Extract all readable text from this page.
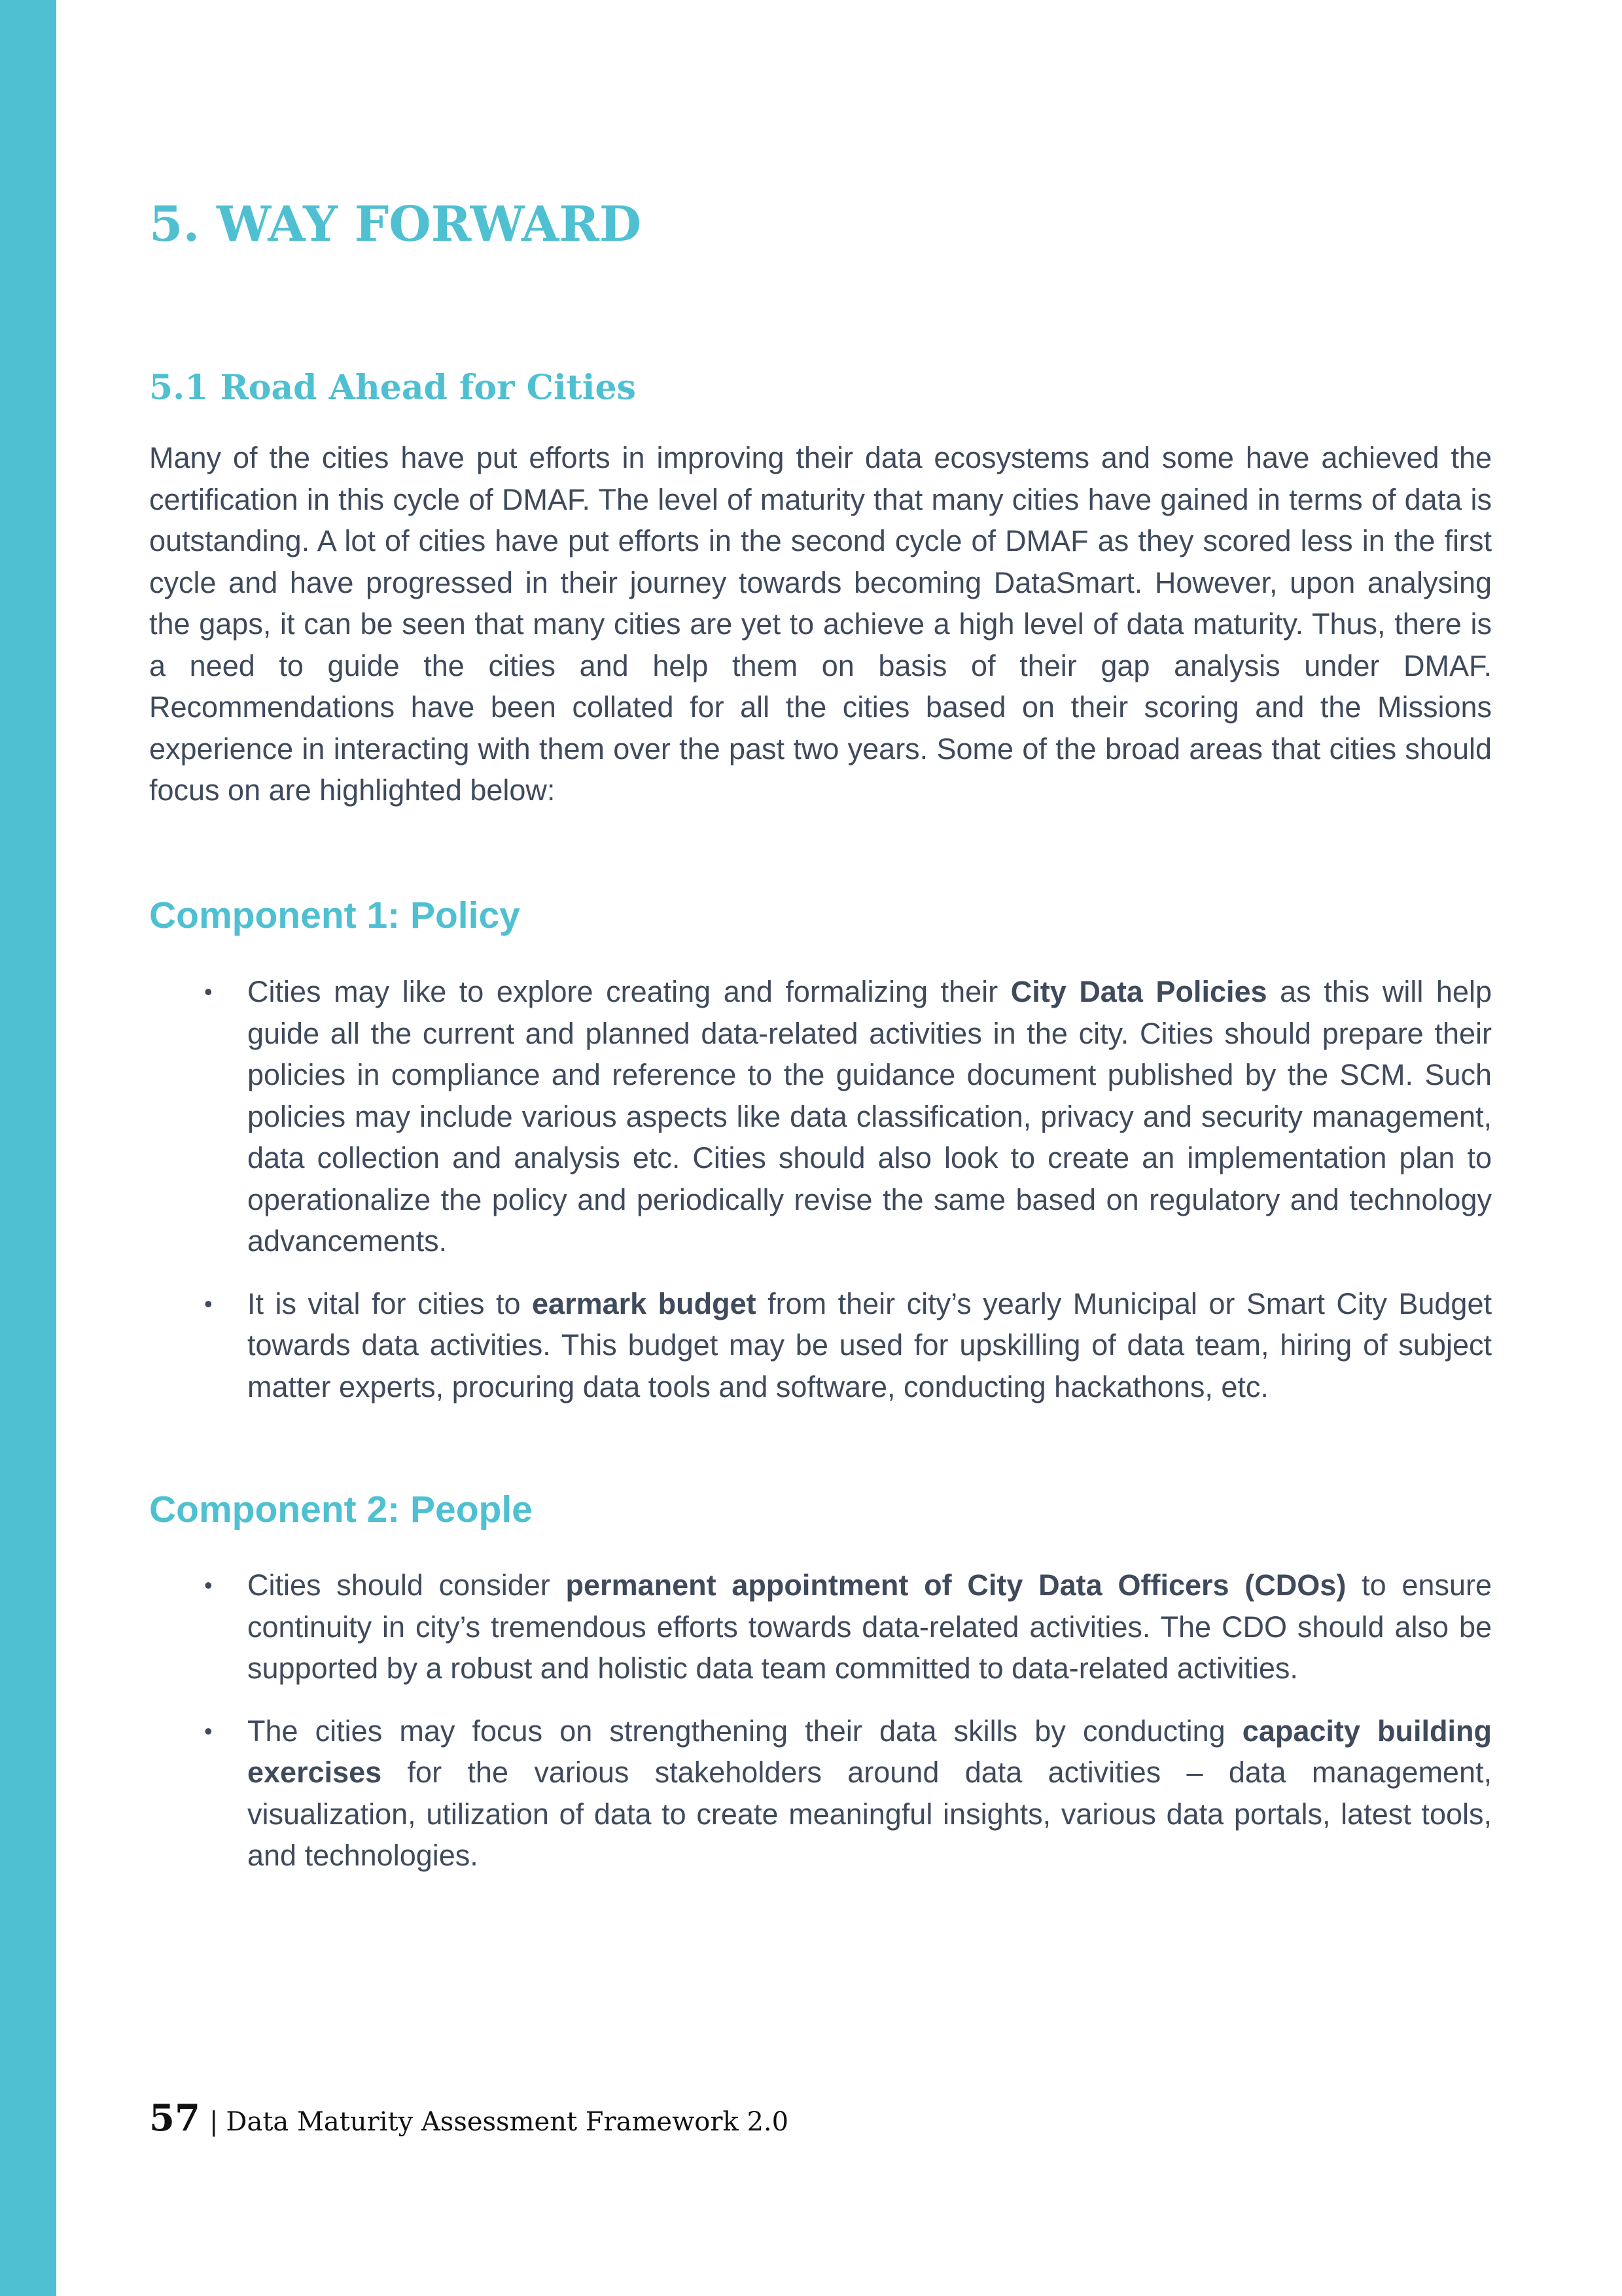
5. WAY FORWARD
5.1 Road Ahead for Cities

Many of the cities have put efforts in improving their data ecosystems and some have achieved the certification in this cycle of DMAF. The level of maturity that many cities have gained in terms of data is outstanding. A lot of cities have put efforts in the second cycle of DMAF as they scored less in the first cycle and have progressed in their journey towards becoming DataSmart. However, upon analysing the gaps, it can be seen that many cities are yet to achieve a high level of data maturity. Thus, there is a need to guide the cities and help them on basis of their gap analysis under DMAF. Recommendations have been collated for all the cities based on their scoring and the Missions experience in interacting with them over the past two years. Some of the broad areas that cities should focus on are highlighted below:

Component 1: Policy
• Cities may like to explore creating and formalizing their City Data Policies as this will help guide all the current and planned data-related activities in the city. Cities should prepare their policies in compliance and reference to the guidance document published by the SCM. Such policies may include various aspects like data classification, privacy and security management, data collection and analysis etc. Cities should also look to create an implementation plan to operationalize the policy and periodically revise the same based on regulatory and technology advancements.
• It is vital for cities to earmark budget from their city’s yearly Municipal or Smart City Budget towards data activities. This budget may be used for upskilling of data team, hiring of subject matter experts, procuring data tools and software, conducting hackathons, etc.
Component 2: People
• Cities should consider permanent appointment of City Data Officers (CDOs) to ensure continuity in city’s tremendous efforts towards data-related activities. The CDO should also be supported by a robust and holistic data team committed to data-related activities.
• The cities may focus on strengthening their data skills by conducting capacity building exercises for the various stakeholders around data activities – data management, visualization, utilization of data to create meaningful insights, various data portals, latest tools, and technologies.
57 | Data Maturity Assessment Framework 2.0
